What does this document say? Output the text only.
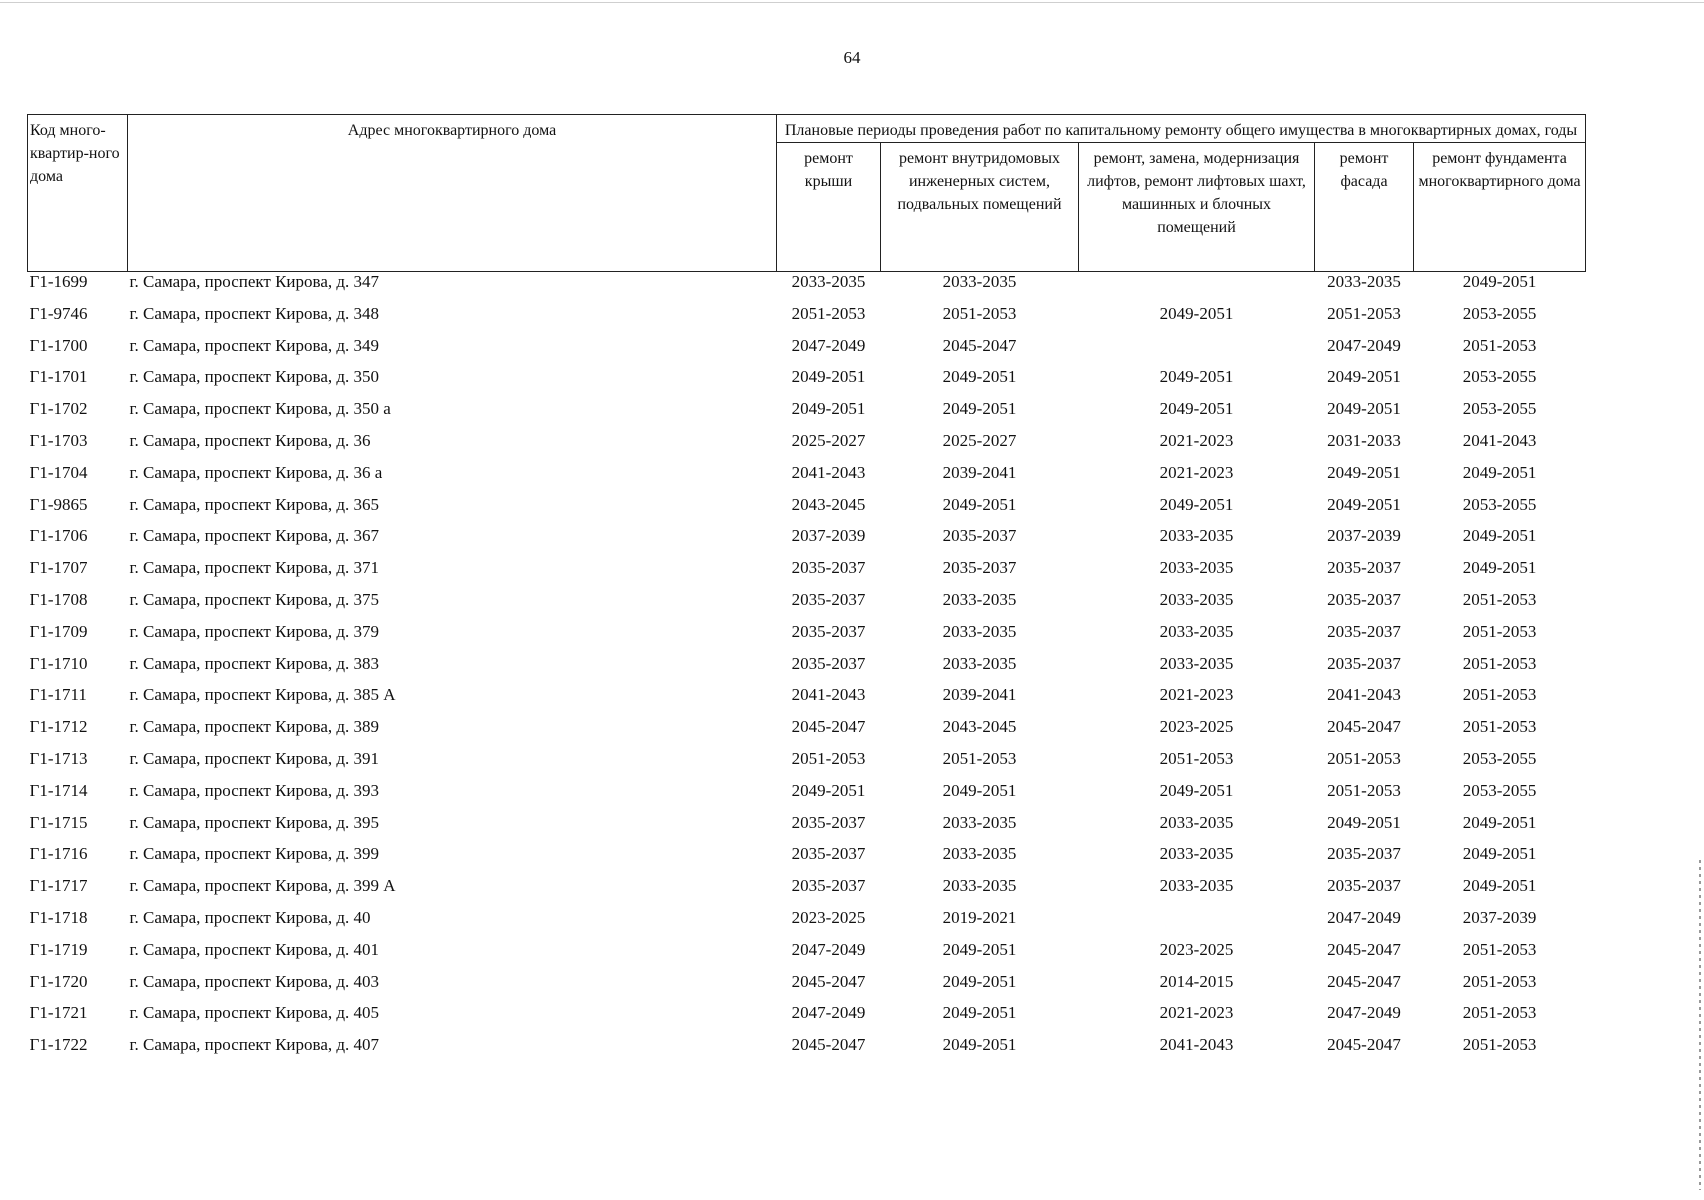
64
Код много-квартир-ного дома	Адрес многоквартирного дома	Плановые периоды проведения работ по капитальному ремонту общего имущества в многоквартирных домах, годы				
		ремонт крыши	ремонт внутридомовых инженерных систем, подвальных помещений	ремонт, замена, модернизация лифтов, ремонт лифтовых шахт, машинных и блочных помещений	ремонт фасада	ремонт фундамента многоквартирного дома
Г1-1699	г. Самара, проспект Кирова, д. 347	2033-2035	2033-2035		2033-2035	2049-2051
Г1-9746	г. Самара, проспект Кирова, д. 348	2051-2053	2051-2053	2049-2051	2051-2053	2053-2055
Г1-1700	г. Самара, проспект Кирова, д. 349	2047-2049	2045-2047		2047-2049	2051-2053
Г1-1701	г. Самара, проспект Кирова, д. 350	2049-2051	2049-2051	2049-2051	2049-2051	2053-2055
Г1-1702	г. Самара, проспект Кирова, д. 350 а	2049-2051	2049-2051	2049-2051	2049-2051	2053-2055
Г1-1703	г. Самара, проспект Кирова, д. 36	2025-2027	2025-2027	2021-2023	2031-2033	2041-2043
Г1-1704	г. Самара, проспект Кирова, д. 36 а	2041-2043	2039-2041	2021-2023	2049-2051	2049-2051
Г1-9865	г. Самара, проспект Кирова, д. 365	2043-2045	2049-2051	2049-2051	2049-2051	2053-2055
Г1-1706	г. Самара, проспект Кирова, д. 367	2037-2039	2035-2037	2033-2035	2037-2039	2049-2051
Г1-1707	г. Самара, проспект Кирова, д. 371	2035-2037	2035-2037	2033-2035	2035-2037	2049-2051
Г1-1708	г. Самара, проспект Кирова, д. 375	2035-2037	2033-2035	2033-2035	2035-2037	2051-2053
Г1-1709	г. Самара, проспект Кирова, д. 379	2035-2037	2033-2035	2033-2035	2035-2037	2051-2053
Г1-1710	г. Самара, проспект Кирова, д. 383	2035-2037	2033-2035	2033-2035	2035-2037	2051-2053
Г1-1711	г. Самара, проспект Кирова, д. 385 А	2041-2043	2039-2041	2021-2023	2041-2043	2051-2053
Г1-1712	г. Самара, проспект Кирова, д. 389	2045-2047	2043-2045	2023-2025	2045-2047	2051-2053
Г1-1713	г. Самара, проспект Кирова, д. 391	2051-2053	2051-2053	2051-2053	2051-2053	2053-2055
Г1-1714	г. Самара, проспект Кирова, д. 393	2049-2051	2049-2051	2049-2051	2051-2053	2053-2055
Г1-1715	г. Самара, проспект Кирова, д. 395	2035-2037	2033-2035	2033-2035	2049-2051	2049-2051
Г1-1716	г. Самара, проспект Кирова, д. 399	2035-2037	2033-2035	2033-2035	2035-2037	2049-2051
Г1-1717	г. Самара, проспект Кирова, д. 399 А	2035-2037	2033-2035	2033-2035	2035-2037	2049-2051
Г1-1718	г. Самара, проспект Кирова, д. 40	2023-2025	2019-2021		2047-2049	2037-2039
Г1-1719	г. Самара, проспект Кирова, д. 401	2047-2049	2049-2051	2023-2025	2045-2047	2051-2053
Г1-1720	г. Самара, проспект Кирова, д. 403	2045-2047	2049-2051	2014-2015	2045-2047	2051-2053
Г1-1721	г. Самара, проспект Кирова, д. 405	2047-2049	2049-2051	2021-2023	2047-2049	2051-2053
Г1-1722	г. Самара, проспект Кирова, д. 407	2045-2047	2049-2051	2041-2043	2045-2047	2051-2053
